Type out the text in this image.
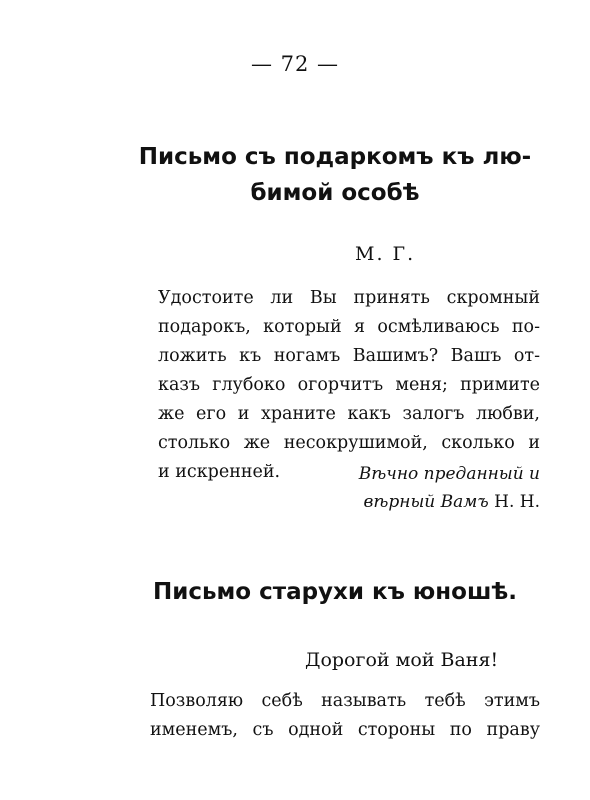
— 72 —
Письмо съ подаркомъ къ лю-
бимой особѣ
М. Г.
Удостоите ли Вы принять скромный
подарокъ, который я осмѣливаюсь по-
ложить къ ногамъ Вашимъ? Вашъ от-
казъ глубоко огорчитъ меня; примите
же его и храните какъ залогъ любви,
столько же несокрушимой, сколько и
и искренней.	Вѣчно преданный и
вѣрный Вамъ Н. Н.
Письмо старухи къ юношѣ.
Дорогой мой Ваня!
Позволяю себѣ называть тебѣ этимъ
именемъ, съ одной стороны по праву
